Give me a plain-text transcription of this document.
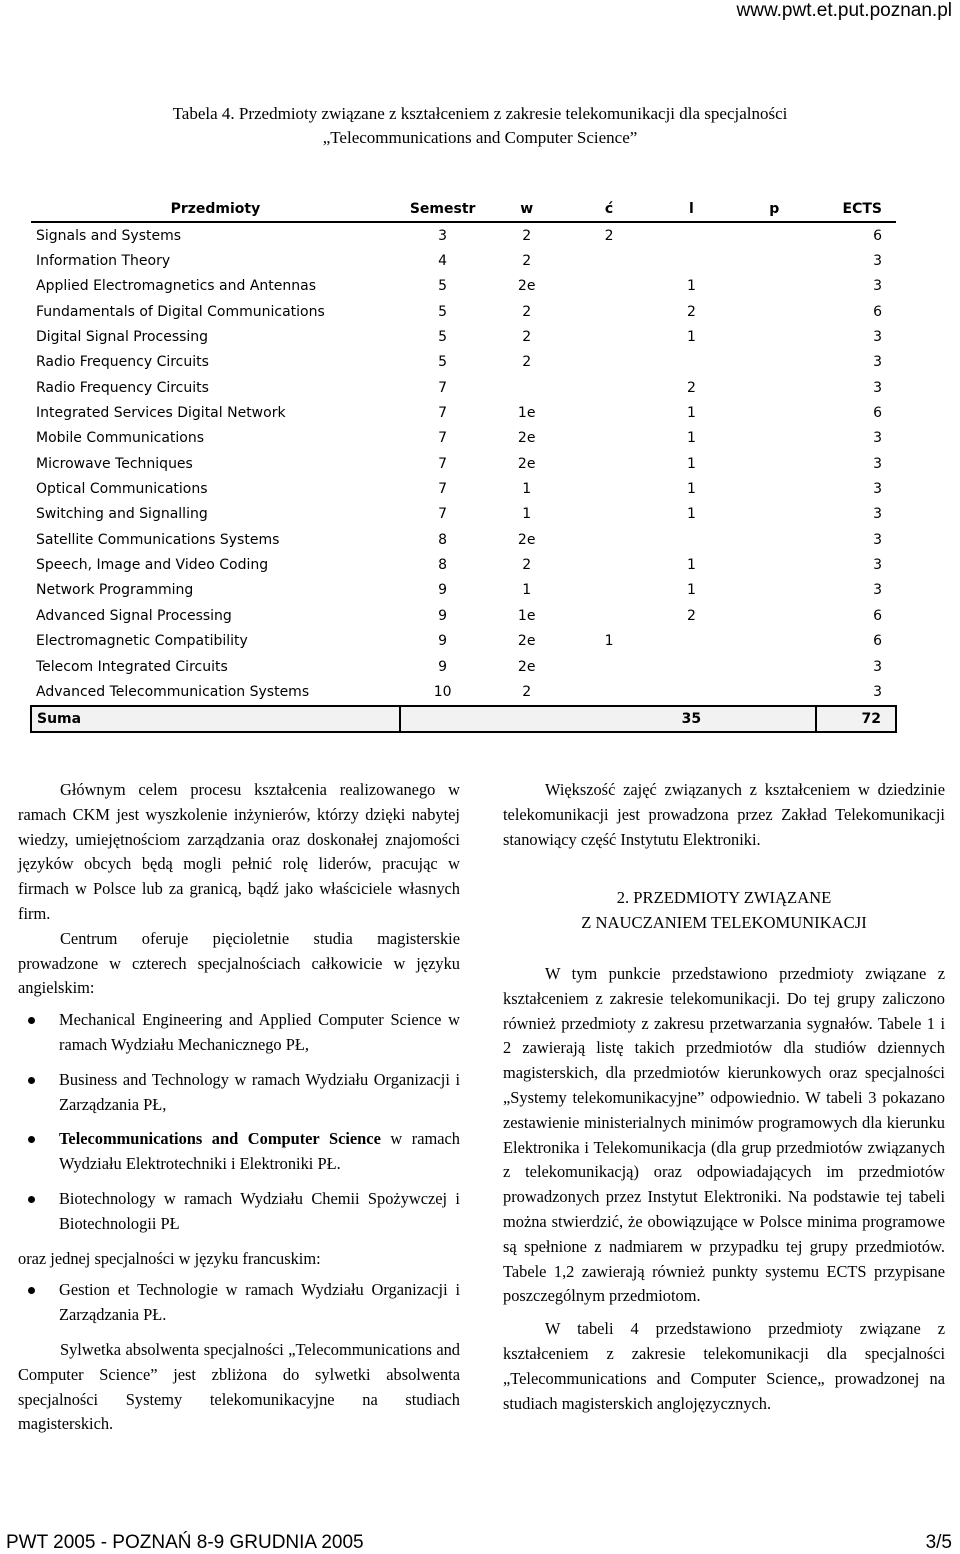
www.pwt.et.put.poznan.pl
Tabela 4. Przedmioty związane z kształceniem z zakresie telekomunikacji dla specjalności
„Telecommunications and Computer Science”
Przedmioty	Semestr	w	ć	l	p	ECTS
Signals and Systems	3	2	2			6
Information Theory	4	2				3
Applied Electromagnetics and Antennas	5	2e		1		3
Fundamentals of Digital Communications	5	2		2		6
Digital Signal Processing	5	2		1		3
Radio Frequency Circuits	5	2				3
Radio Frequency Circuits	7			2		3
Integrated Services Digital Network	7	1e		1		6
Mobile Communications	7	2e		1		3
Microwave Techniques	7	2e		1		3
Optical Communications	7	1		1		3
Switching and Signalling	7	1		1		3
Satellite Communications Systems	8	2e				3
Speech, Image and Video Coding	8	2		1		3
Network Programming	9	1		1		3
Advanced Signal Processing	9	1e		2		6
Electromagnetic Compatibility	9	2e	1			6
Telecom Integrated Circuits	9	2e				3
Advanced Telecommunication Systems	10	2				3
Suma				35		72

Głównym celem procesu kształcenia realizowanego w ramach CKM jest wyszkolenie inżynierów, którzy dzięki nabytej wiedzy, umiejętnościom zarządzania oraz doskonałej znajomości języków obcych będą mogli pełnić rolę liderów, pracując w firmach w Polsce lub za granicą, bądź jako właściciele własnych firm.

Centrum oferuje pięcioletnie studia magisterskie prowadzone w czterech specjalnościach całkowicie w języku angielskim:

Mechanical Engineering and Applied Computer Science w ramach Wydziału Mechanicznego PŁ,
Business and Technology w ramach Wydziału Organizacji i Zarządzania PŁ,
Telecommunications and Computer Science w ramach Wydziału Elektrotechniki i Elektroniki PŁ.
Biotechnology w ramach Wydziału Chemii Spożywczej i Biotechnologii PŁ

oraz jednej specjalności w języku francuskim:

Gestion et Technologie w ramach Wydziału Organizacji i Zarządzania PŁ.

Sylwetka absolwenta specjalności „Telecommunications and Computer Science” jest zbliżona do sylwetki absolwenta specjalności Systemy telekomunikacyjne na studiach magisterskich.

Większość zajęć związanych z kształceniem w dziedzinie telekomunikacji jest prowadzona przez Zakład Telekomunikacji stanowiący część Instytutu Elektroniki.

2. PRZEDMIOTY ZWIĄZANE
Z NAUCZANIEM TELEKOMUNIKACJI

W tym punkcie przedstawiono przedmioty związane z kształceniem z zakresie telekomunikacji. Do tej grupy zaliczono również przedmioty z zakresu przetwarzania sygnałów. Tabele 1 i 2 zawierają listę takich przedmiotów dla studiów dziennych magisterskich, dla przedmiotów kierunkowych oraz specjalności „Systemy telekomunikacyjne” odpowiednio. W tabeli 3 pokazano zestawienie ministerialnych minimów programowych dla kierunku Elektronika i Telekomunikacja (dla grup przedmiotów związanych z telekomunikacją) oraz odpowiadających im przedmiotów prowadzonych przez Instytut Elektroniki. Na podstawie tej tabeli można stwierdzić, że obowiązujące w Polsce minima programowe są spełnione z nadmiarem w przypadku tej grupy przedmiotów. Tabele 1,2 zawierają również punkty systemu ECTS przypisane poszczególnym przedmiotom.

W tabeli 4 przedstawiono przedmioty związane z kształceniem z zakresie telekomunikacji dla specjalności „Telecommunications and Computer Science„ prowadzonej na studiach magisterskich anglojęzycznych.

PWT 2005 - POZNAŃ 8-9 GRUDNIA 2005	3/5
